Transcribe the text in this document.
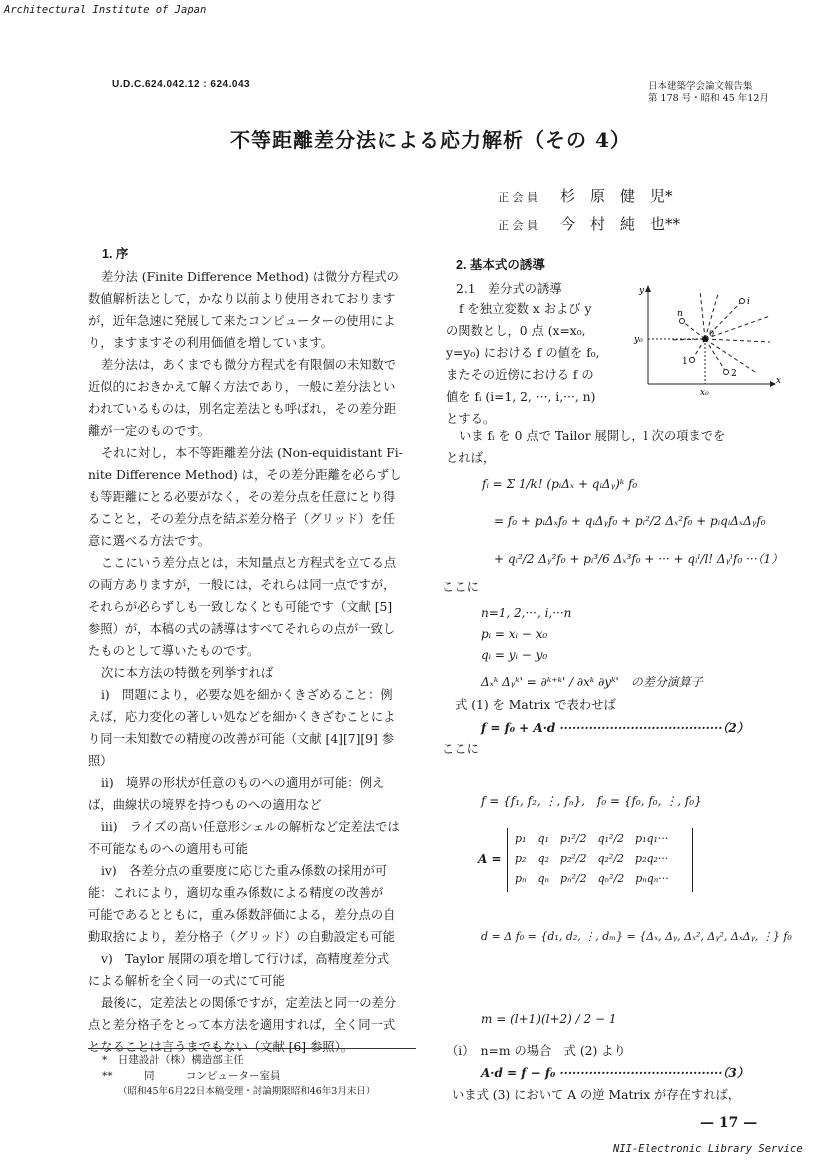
Architectural Institute of Japan
U.D.C.624.042.12 : 624.043	日本建築学会論文報告集
第 178 号・昭和 45 年12月
不等距離差分法による応力解析（その 4）
正 会 員 杉　原　健　児*
正 会 員 今　村　純　也**
1. 序
差分法 (Finite Difference Method) は微分方程式の
数値解析法として，かなり以前より使用されております
が，近年急速に発展して来たコンピューターの使用によ
り，ますますその利用価値を増しています。
差分法は，あくまでも微分方程式を有限個の未知数で
近似的におきかえて解く方法であり，一般に差分法とい
われているものは，別名定差法とも呼ばれ，その差分距
離が一定のものです。
それに対し，本不等距離差分法 (Non-equidistant Fi-
nite Difference Method) は，その差分距離を必らずし
も等距離にとる必要がなく，その差分点を任意にとり得
ることと，その差分点を結ぶ差分格子（グリッド）を任
意に選べる方法です。
ここにいう差分点とは，未知量点と方程式を立てる点
の両方ありますが，一般には，それらは同一点ですが，
それらが必らずしも一致しなくとも可能です（文献 [5]
参照）が，本稿の式の誘導はすべてそれらの点が一致し
たものとして導いたものです。
次に本方法の特徴を列挙すれば
i)　問題により，必要な処を細かくきざめること：例
えば，応力変化の著しい処などを細かくきざむことによ
り同一未知数での精度の改善が可能（文献 [4][7][9] 参
照）
ii)　境界の形状が任意のものへの適用が可能：例え
ば，曲線状の境界を持つものへの適用など
iii)　ライズの高い任意形シェルの解析など定差法では
不可能なものへの適用も可能
iv)　各差分点の重要度に応じた重み係数の採用が可
能：これにより，適切な重み係数による精度の改善が
可能であるとともに，重み係数評価による，差分点の自
動取捨により，差分格子（グリッド）の自動設定も可能
v)　Taylor 展開の項を増して行けば，高精度差分式
による解析を全く同一の式にて可能
最後に，定差法との関係ですが，定差法と同一の差分
点と差分格子をとって本方法を適用すれば，全く同一式
となることは言うまでもない（文献 [6] 参照）。
*　日建設計（株）構造部主任
**　　　同　　　コンピューター室員
（昭和45年6月22日本稿受理・討論期限昭和46年3月末日）
2. 基本式の誘導
2.1　差分式の誘導
f を独立変数 x および y
の関数とし，0 点 (x=x₀,
y=y₀) における f の値を f₀,
またその近傍における f の
値を fᵢ (i=1, 2, ···, i,···, n)
とする。
y
x
y₀
x₀
n
i
1
2
0
いま fᵢ を 0 点で Tailor 展開し，l 次の項までを
とれば，
fᵢ = Σ 1/k! (pᵢΔₓ + qᵢΔᵧ)ᵏ f₀
= f₀ + pᵢΔₓf₀ + qᵢΔᵧf₀ + pᵢ²/2 Δₓ²f₀ + pᵢqᵢΔₓΔᵧf₀
+ qᵢ²/2 Δᵧ²f₀ + pᵢ³/6 Δₓ³f₀ + ··· + qᵢˡ/l! Δᵧˡf₀ ···（1）
ここに
n=1, 2,···, i,···n
pᵢ = xᵢ − x₀
qᵢ = yᵢ − y₀
Δₓᵏ Δᵧᵏ' = ∂ᵏ⁺ᵏ' / ∂xᵏ ∂yᵏ'　の差分演算子
式 (1) を Matrix で表わせば
f = f₀ + A·d ·······································（2）
ここに
f = {f₁, f₂, ⋮, fₙ},　f₀ = {f₀, f₀, ⋮, f₀}
A =
p₁　q₁　p₁²/2　q₁²/2　p₁q₁···
p₂　q₂　p₂²/2　q₂²/2　p₂q₂···
pₙ　qₙ　pₙ²/2　qₙ²/2　pₙqₙ···
d = Δ f₀ = {d₁, d₂, ⋮, dₘ} = {Δₓ, Δᵧ, Δₓ², Δᵧ², ΔₓΔᵧ, ⋮} f₀
m = (l+1)(l+2) / 2 − 1
（i）　n=m の場合　式 (2) より
A·d = f − f₀ ·······································（3）
いま式 (3) において A の逆 Matrix が存在すれば，
— 17 —
NII-Electronic Library Service
